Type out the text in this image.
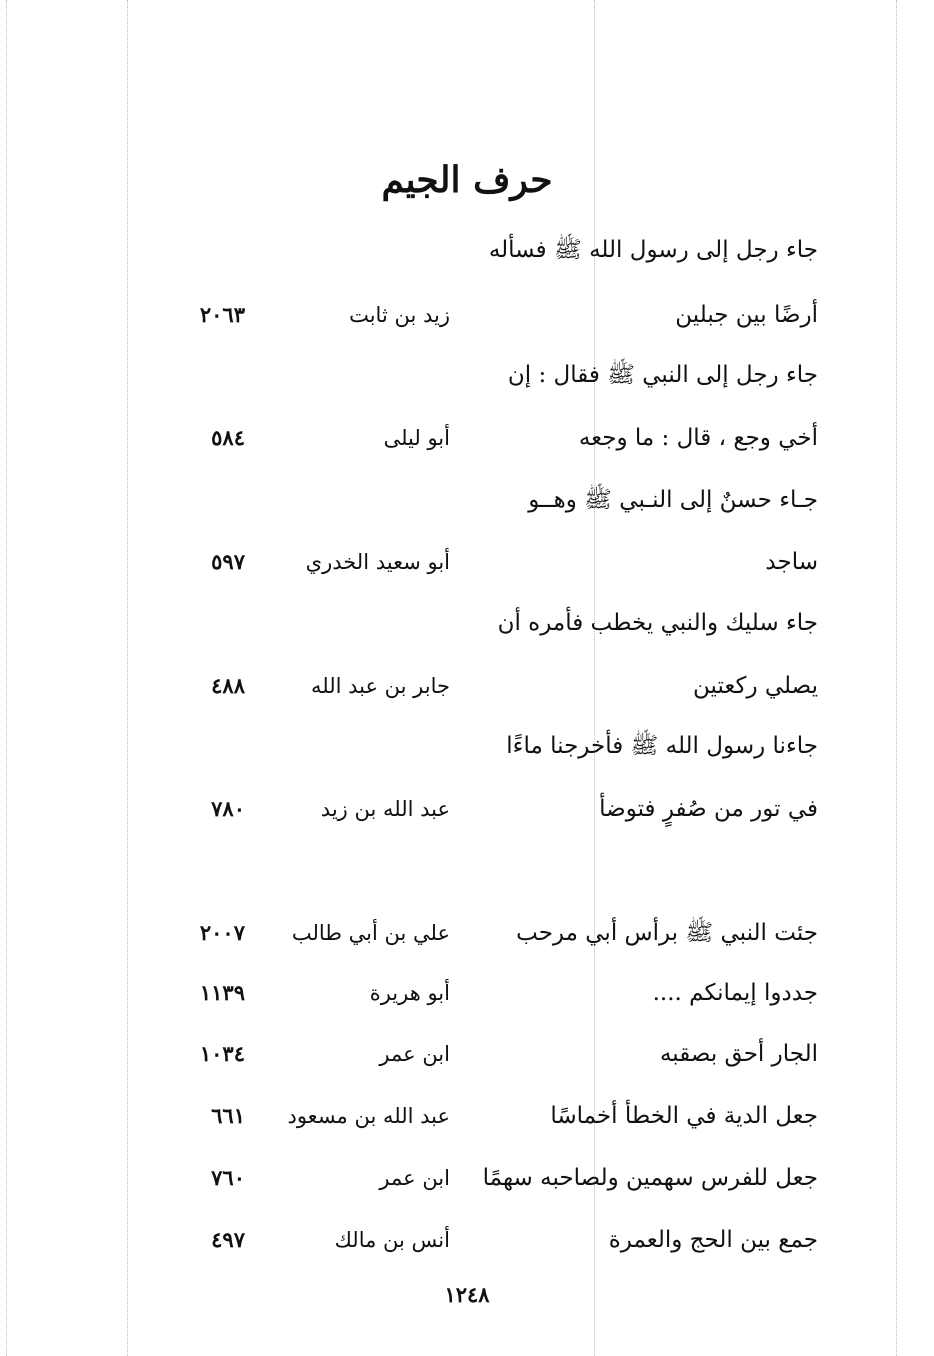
حرف الجيم
جاء رجل إلى رسول الله ﷺ فسأله
أرضًا بين جبلين
زيد بن ثابت
٢٠٦٣
جاء رجل إلى النبي ﷺ فقال : إن
أخي وجع ، قال : ما وجعه
أبو ليلى
٥٨٤
جـاء حسنٌ إلى النـبي ﷺ وهــو
ساجد
أبو سعيد الخدري
٥٩٧
جاء سليك والنبي يخطب فأمره أن
يصلي ركعتين
جابر بن عبد الله
٤٨٨
جاءنا رسول الله ﷺ فأخرجنا ماءًا
في تور من صُفرٍ فتوضأ
عبد الله بن زيد
٧٨٠
جئت النبي ﷺ برأس أبي مرحب
علي بن أبي طالب
٢٠٠٧
جددوا إيمانكم ....
أبو هريرة
١١٣٩
الجار أحق بصقبه
ابن عمر
١٠٣٤
جعل الدية في الخطأ أخماسًا
عبد الله بن مسعود
٦٦١
جعل للفرس سهمين ولصاحبه سهمًا
ابن عمر
٧٦٠
جمع بين الحج والعمرة
أنس بن مالك
٤٩٧
١٢٤٨
